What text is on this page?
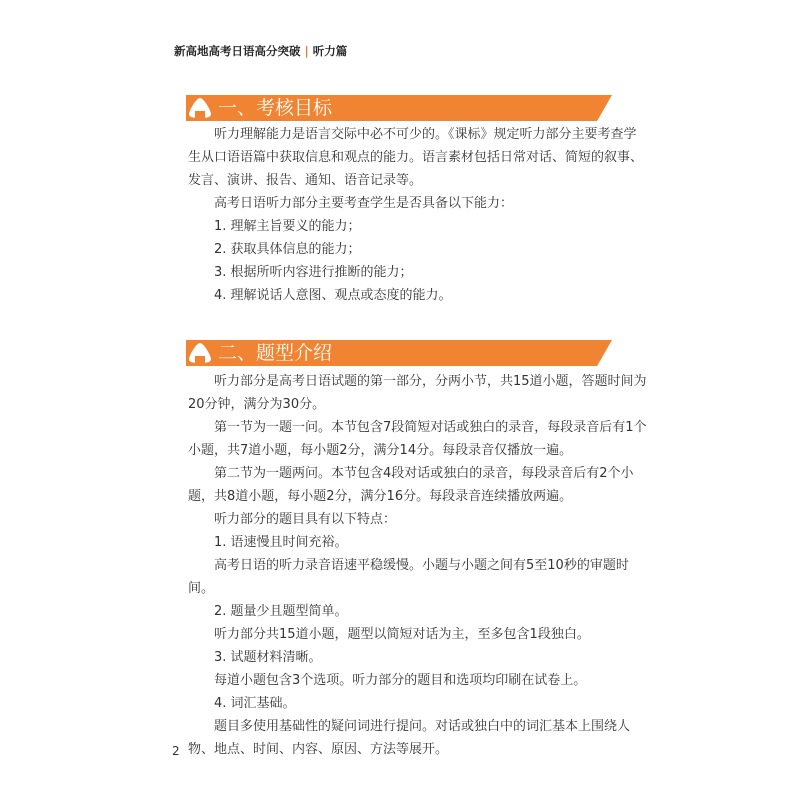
新高地高考日语高分突破 | 听力篇
一、考核目标
听力理解能力是语言交际中必不可少的。《课标》规定听力部分主要考查学
生从口语语篇中获取信息和观点的能力。语言素材包括日常对话、简短的叙事、
发言、演讲、报告、通知、语音记录等。
高考日语听力部分主要考查学生是否具备以下能力：
1. 理解主旨要义的能力；
2. 获取具体信息的能力；
3. 根据所听内容进行推断的能力；
4. 理解说话人意图、观点或态度的能力。
二、题型介绍
听力部分是高考日语试题的第一部分，分两小节，共15道小题，答题时间为
20分钟，满分为30分。
第一节为一题一问。本节包含7段简短对话或独白的录音，每段录音后有1个
小题，共7道小题，每小题2分，满分14分。每段录音仅播放一遍。
第二节为一题两问。本节包含4段对话或独白的录音，每段录音后有2个小
题，共8道小题，每小题2分，满分16分。每段录音连续播放两遍。
听力部分的题目具有以下特点：
1. 语速慢且时间充裕。
高考日语的听力录音语速平稳缓慢。小题与小题之间有5至10秒的审题时
间。
2. 题量少且题型简单。
听力部分共15道小题，题型以简短对话为主，至多包含1段独白。
3. 试题材料清晰。
每道小题包含3个选项。听力部分的题目和选项均印刷在试卷上。
4. 词汇基础。
题目多使用基础性的疑问词进行提问。对话或独白中的词汇基本上围绕人
物、地点、时间、内容、原因、方法等展开。
2
